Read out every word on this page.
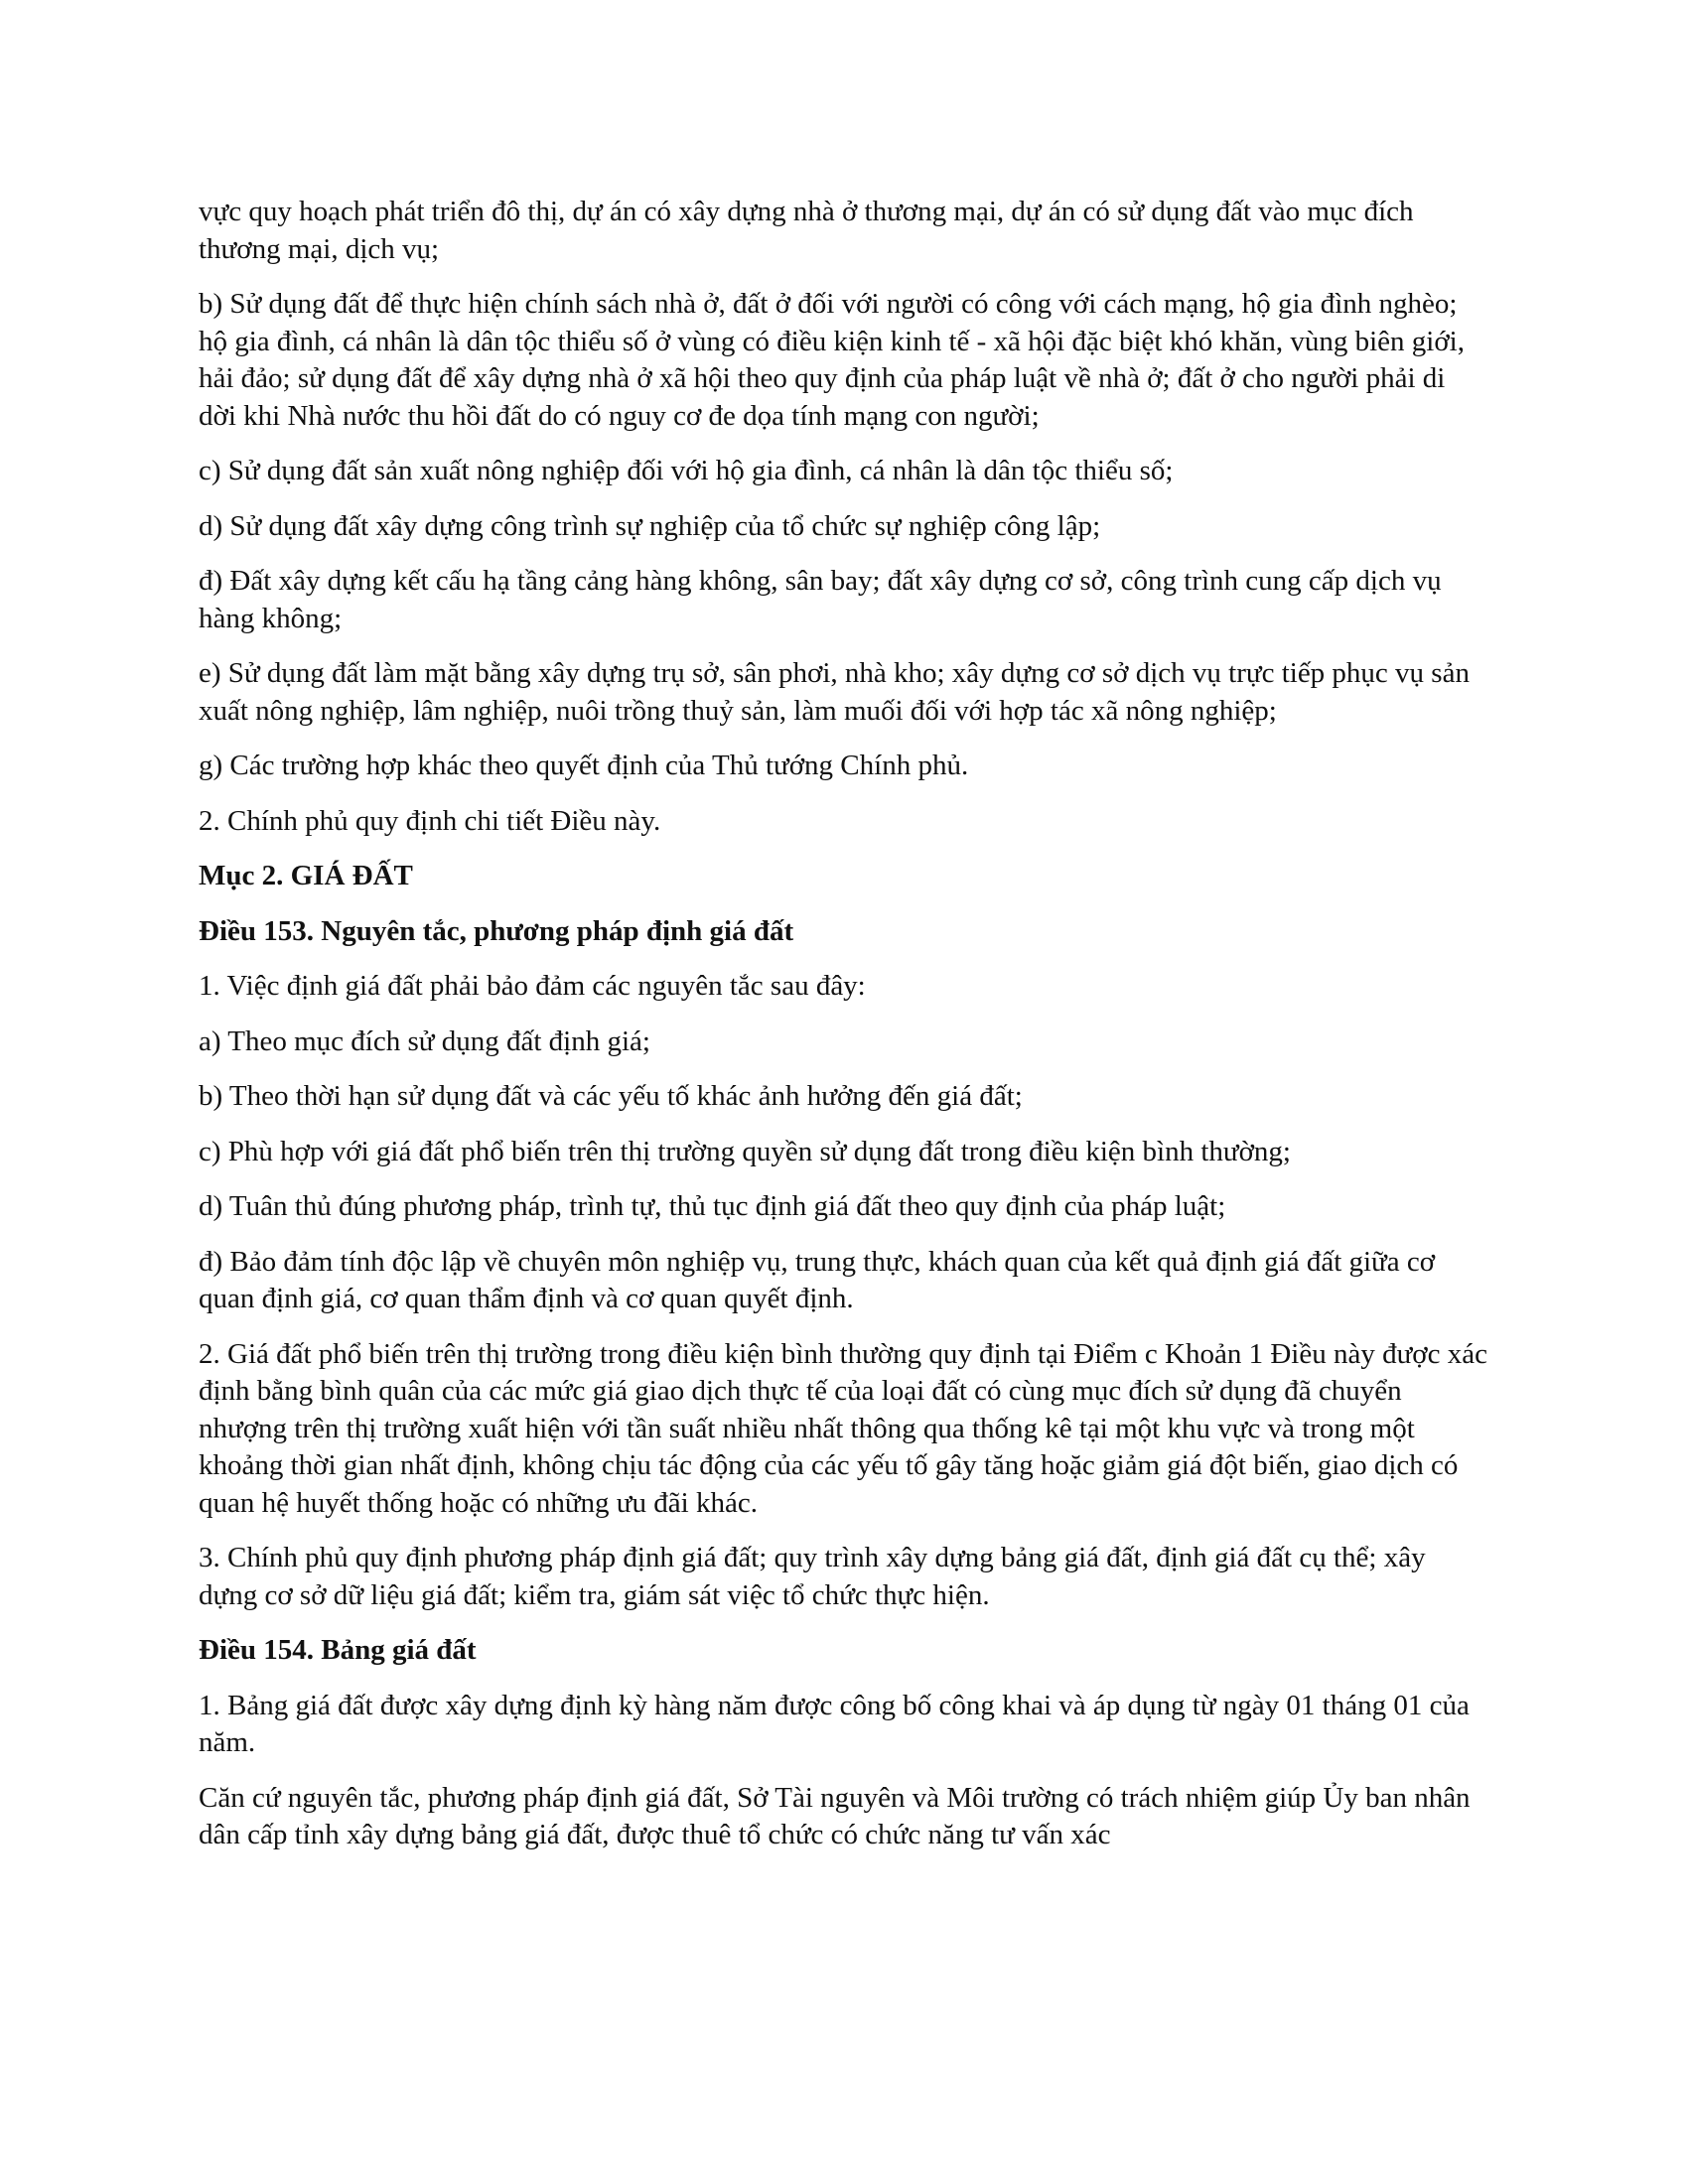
vực quy hoạch phát triển đô thị, dự án có xây dựng nhà ở thương mại, dự án có sử dụng đất vào mục đích thương mại, dịch vụ;

b) Sử dụng đất để thực hiện chính sách nhà ở, đất ở đối với người có công với cách mạng, hộ gia đình nghèo; hộ gia đình, cá nhân là dân tộc thiểu số ở vùng có điều kiện kinh tế - xã hội đặc biệt khó khăn, vùng biên giới, hải đảo; sử dụng đất để xây dựng nhà ở xã hội theo quy định của pháp luật về nhà ở; đất ở cho người phải di dời khi Nhà nước thu hồi đất do có nguy cơ đe dọa tính mạng con người;

c) Sử dụng đất sản xuất nông nghiệp đối với hộ gia đình, cá nhân là dân tộc thiểu số;

d) Sử dụng đất xây dựng công trình sự nghiệp của tổ chức sự nghiệp công lập;

đ) Đất xây dựng kết cấu hạ tầng cảng hàng không, sân bay; đất xây dựng cơ sở, công trình cung cấp dịch vụ hàng không;

e) Sử dụng đất làm mặt bằng xây dựng trụ sở, sân phơi, nhà kho; xây dựng cơ sở dịch vụ trực tiếp phục vụ sản xuất nông nghiệp, lâm nghiệp, nuôi trồng thuỷ sản, làm muối đối với hợp tác xã nông nghiệp;

g) Các trường hợp khác theo quyết định của Thủ tướng Chính phủ.

2. Chính phủ quy định chi tiết Điều này.

Mục 2. GIÁ ĐẤT

Điều 153. Nguyên tắc, phương pháp định giá đất

1. Việc định giá đất phải bảo đảm các nguyên tắc sau đây:

a) Theo mục đích sử dụng đất định giá;

b) Theo thời hạn sử dụng đất và các yếu tố khác ảnh hưởng đến giá đất;

c) Phù hợp với giá đất phổ biến trên thị trường quyền sử dụng đất trong điều kiện bình thường;

d) Tuân thủ đúng phương pháp, trình tự, thủ tục định giá đất theo quy định của pháp luật;

đ) Bảo đảm tính độc lập về chuyên môn nghiệp vụ, trung thực, khách quan của kết quả định giá đất giữa cơ quan định giá, cơ quan thẩm định và cơ quan quyết định.

2. Giá đất phổ biến trên thị trường trong điều kiện bình thường quy định tại Điểm c Khoản 1 Điều này được xác định bằng bình quân của các mức giá giao dịch thực tế của loại đất có cùng mục đích sử dụng đã chuyển nhượng trên thị trường xuất hiện với tần suất nhiều nhất thông qua thống kê tại một khu vực và trong một khoảng thời gian nhất định, không chịu tác động của các yếu tố gây tăng hoặc giảm giá đột biến, giao dịch có quan hệ huyết thống hoặc có những ưu đãi khác.

3. Chính phủ quy định phương pháp định giá đất; quy trình xây dựng bảng giá đất, định giá đất cụ thể; xây dựng cơ sở dữ liệu giá đất; kiểm tra, giám sát việc tổ chức thực hiện.

Điều 154. Bảng giá đất

1. Bảng giá đất được xây dựng định kỳ hàng năm được công bố công khai và áp dụng từ ngày 01 tháng 01 của năm.

Căn cứ nguyên tắc, phương pháp định giá đất, Sở Tài nguyên và Môi trường có trách nhiệm giúp Ủy ban nhân dân cấp tỉnh xây dựng bảng giá đất, được thuê tổ chức có chức năng tư vấn xác
